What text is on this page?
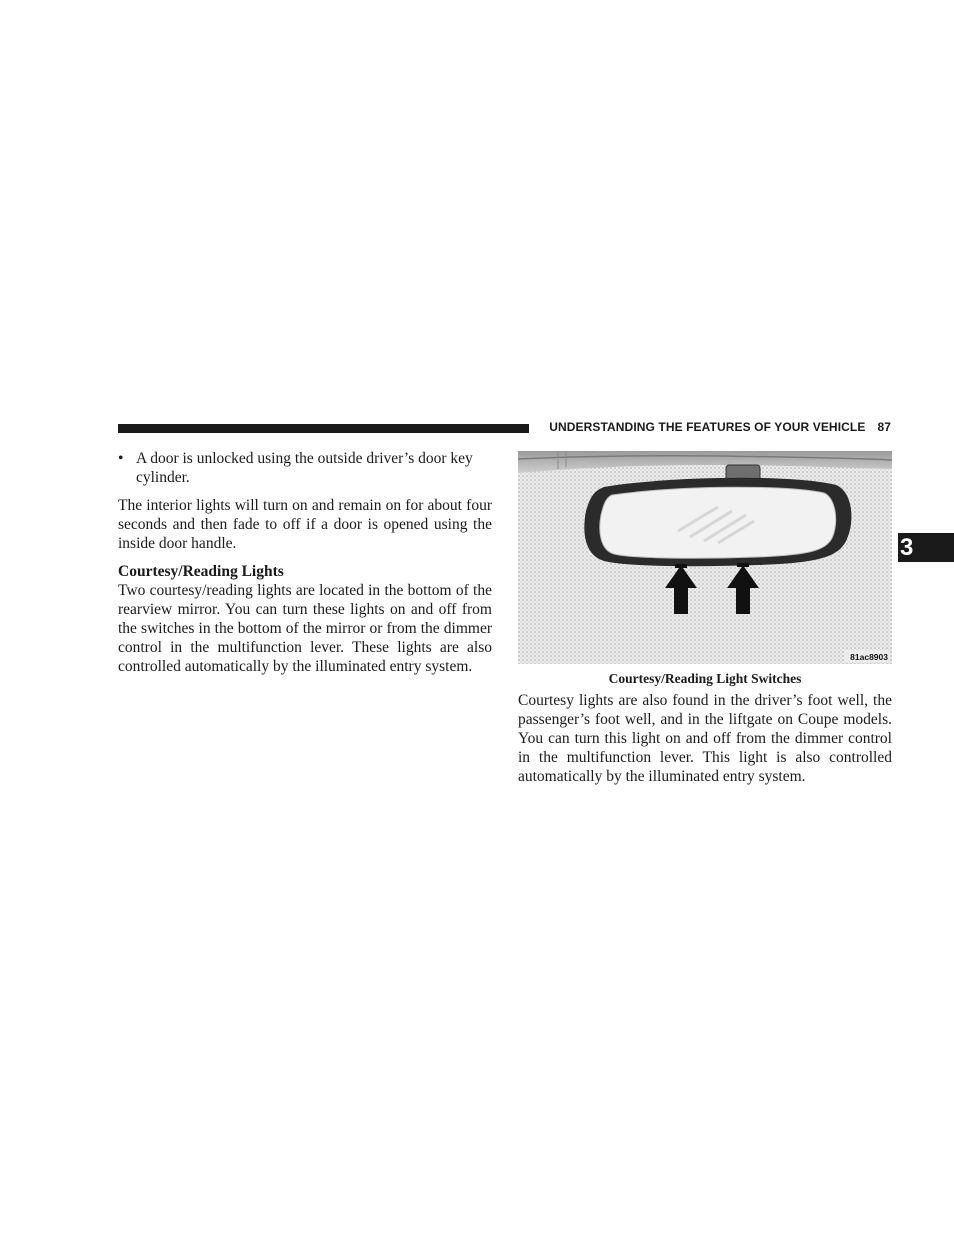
UNDERSTANDING THE FEATURES OF YOUR VEHICLE 87
3
• A door is unlocked using the outside driver’s door key cylinder.

The interior lights will turn on and remain on for about four seconds and then fade to off if a door is opened using the inside door handle.

Courtesy/Reading Lights

Two courtesy/reading lights are located in the bottom of the rearview mirror. You can turn these lights on and off from the switches in the bottom of the mirror or from the dimmer control in the multifunction lever. These lights are also controlled automatically by the illuminated entry system.

81ac8903
Courtesy/Reading Light Switches

Courtesy lights are also found in the driver’s foot well, the passenger’s foot well, and in the liftgate on Coupe models. You can turn this light on and off from the dimmer control in the multifunction lever. This light is also controlled automatically by the illuminated entry system.
